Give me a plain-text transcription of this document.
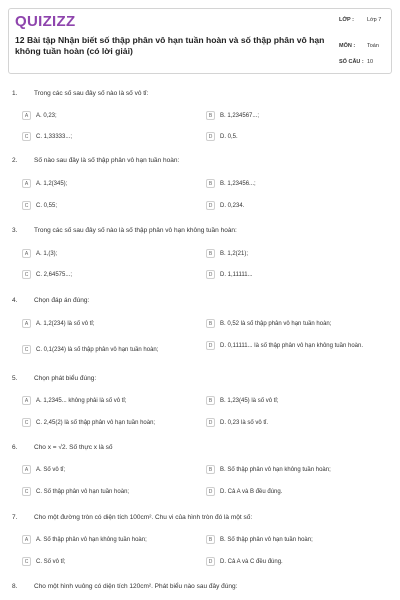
QUIZIZZ
12 Bài tập Nhận biết số thập phân vô hạn tuần hoàn và số thập phân vô hạn không tuần hoàn (có lời giải)
LỚP : Lớp 7
MÔN : Toán
SỐ CÂU : 10
1.	Trong các số sau đây số nào là số vô tỉ:
A	A. 0,23;	B	B. 1,234567...;
C	C. 1,33333...;	D	D. 0,5.
2.	Số nào sau đây là số thập phân vô hạn tuần hoàn:
A	A. 1,2(345);	B	B. 1,23456...;
C	C. 0,55;	D	D. 0,234.
3.	Trong các số sau đây số nào là số thập phân vô hạn không tuần hoàn:
A	A. 1,(3);	B	B. 1,2(21);
C	C. 2,64575...;	D	D. 1,11111...
4.	Chọn đáp án đúng:
A	A. 1,2(234) là số vô tỉ;	B	B. 0,52 là số thập phân vô hạn tuần hoàn;
C	C. 0,1(234) là số thập phân vô hạn tuần hoàn;
D	D. 0,11111... là số thập phân vô hạn không tuần hoàn.
5.	Chọn phát biểu đúng:
A	A. 1,2345... không phải là số vô tỉ;	B	B. 1,23(45) là số vô tỉ;
C	C. 2,45(2) là số thập phân vô hạn tuần hoàn;	D	D. 0,23 là số vô tỉ.
6.	Cho x = √2. Số thực x là số
A	A. Số vô tỉ;	B	B. Số thập phân vô hạn không tuần hoàn;
C	C. Số thập phân vô hạn tuần hoàn;	D	D. Cả A và B đều đúng.
7.	Cho một đường tròn có diện tích 100cm². Chu vi của hình tròn đó là một số:
A	A. Số thập phân vô hạn không tuần hoàn;	B	B. Số thập phân vô hạn tuần hoàn;
C	C. Số vô tỉ;	D	D. Cả A và C đều đúng.
8.	Cho một hình vuông có diện tích 120cm². Phát biểu nào sau đây đúng:
